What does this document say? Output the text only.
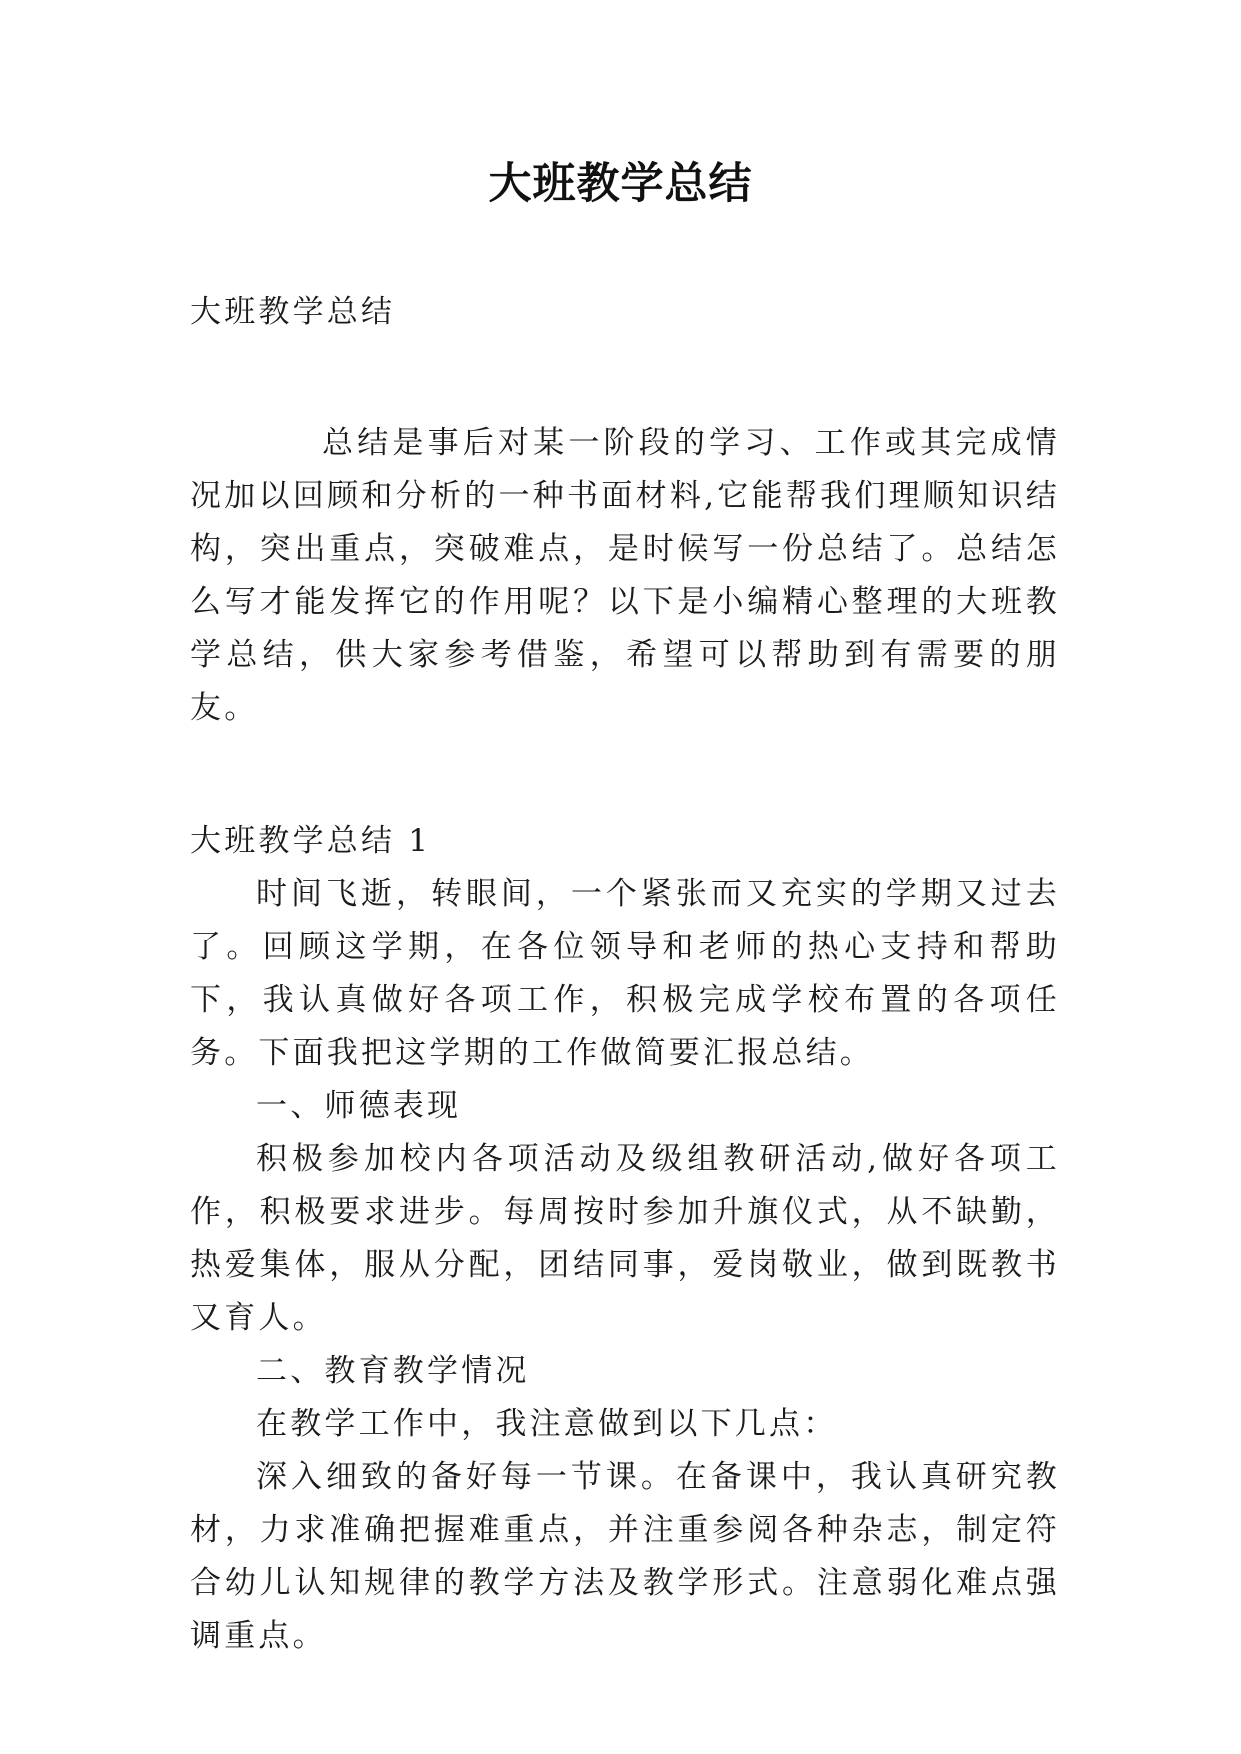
大班教学总结

大班教学总结

总结是事后对某一阶段的学习、工作或其完成情况加以回顾和分析的一种书面材料,它能帮我们理顺知识结构，突出重点，突破难点，是时候写一份总结了。总结怎么写才能发挥它的作用呢？以下是小编精心整理的大班教学总结，供大家参考借鉴，希望可以帮助到有需要的朋友。

大班教学总结 1

时间飞逝，转眼间，一个紧张而又充实的学期又过去了。回顾这学期，在各位领导和老师的热心支持和帮助下，我认真做好各项工作，积极完成学校布置的各项任务。下面我把这学期的工作做简要汇报总结。

一、师德表现

积极参加校内各项活动及级组教研活动,做好各项工作，积极要求进步。每周按时参加升旗仪式，从不缺勤，热爱集体，服从分配，团结同事，爱岗敬业，做到既教书又育人。

二、教育教学情况

在教学工作中，我注意做到以下几点：

深入细致的备好每一节课。在备课中，我认真研究教材，力求准确把握难重点，并注重参阅各种杂志，制定符合幼儿认知规律的教学方法及教学形式。注意弱化难点强调重点。
